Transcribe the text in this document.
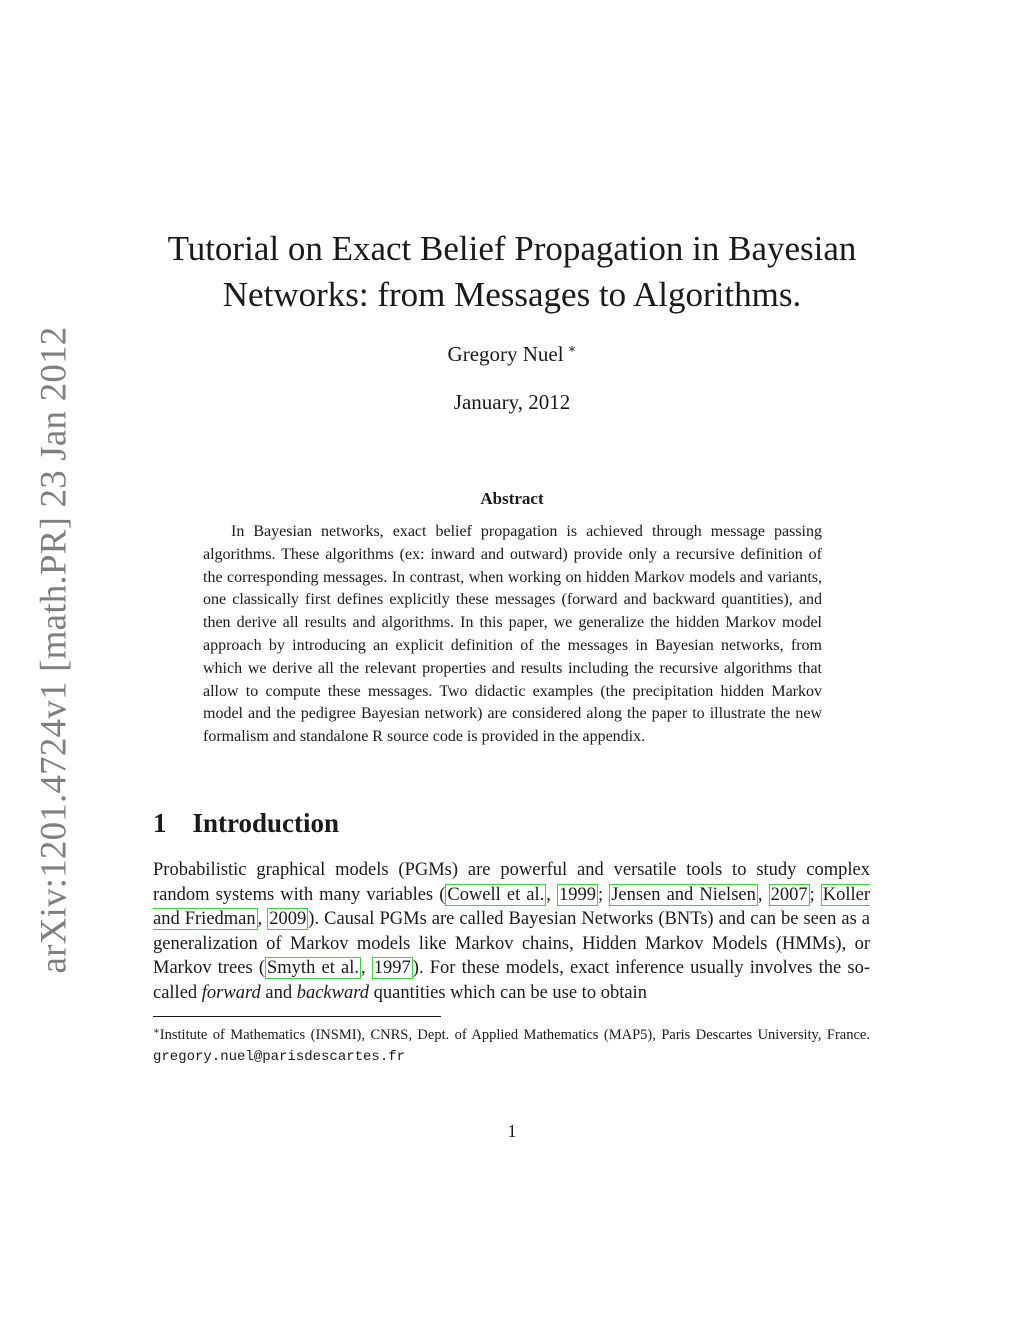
arXiv:1201.4724v1 [math.PR] 23 Jan 2012
Tutorial on Exact Belief Propagation in Bayesian Networks: from Messages to Algorithms.
Gregory Nuel ∗
January, 2012
Abstract

In Bayesian networks, exact belief propagation is achieved through message passing algorithms. These algorithms (ex: inward and outward) provide only a recursive definition of the corresponding messages. In contrast, when working on hidden Markov models and variants, one classically first defines explicitly these messages (forward and backward quantities), and then derive all results and algorithms. In this paper, we generalize the hidden Markov model approach by introducing an explicit definition of the messages in Bayesian networks, from which we derive all the relevant properties and results including the recursive algorithms that allow to compute these messages. Two didactic examples (the precipitation hidden Markov model and the pedigree Bayesian network) are considered along the paper to illustrate the new formalism and standalone R source code is provided in the appendix.

1 Introduction

Probabilistic graphical models (PGMs) are powerful and versatile tools to study complex random systems with many variables ( Cowell et al. , 1999 ; Jensen and Nielsen , 2007 ; Koller and Friedman , 2009 ). Causal PGMs are called Bayesian Networks (BNTs) and can be seen as a generalization of Markov models like Markov chains, Hidden Markov Models (HMMs), or Markov trees ( Smyth et al. , 1997 ). For these models, exact inference usually involves the so-called forward and backward quantities which can be use to obtain

∗Institute of Mathematics (INSMI), CNRS, Dept. of Applied Mathematics (MAP5), Paris Descartes University, France. gregory.nuel@parisdescartes.fr

1
